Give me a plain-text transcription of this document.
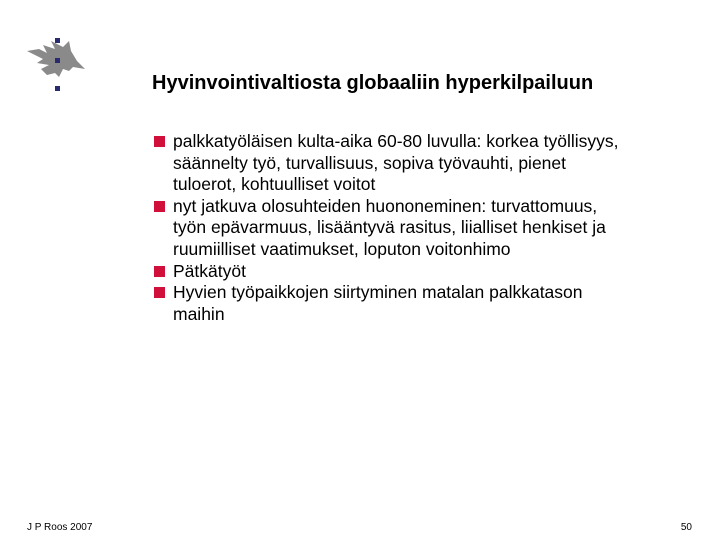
Hyvinvointivaltiosta globaaliin hyperkilpailuun
palkkatyöläisen kulta-aika 60-80 luvulla: korkea työllisyys,
säännelty työ, turvallisuus, sopiva työvauhti, pienet
tuloerot, kohtuulliset voitot
nyt jatkuva olosuhteiden huononeminen: turvattomuus,
työn epävarmuus, lisääntyvä rasitus, liialliset henkiset ja
ruumiilliset vaatimukset, loputon voitonhimo
Pätkätyöt
Hyvien työpaikkojen siirtyminen matalan palkkatason
maihin
J P Roos 2007	50
